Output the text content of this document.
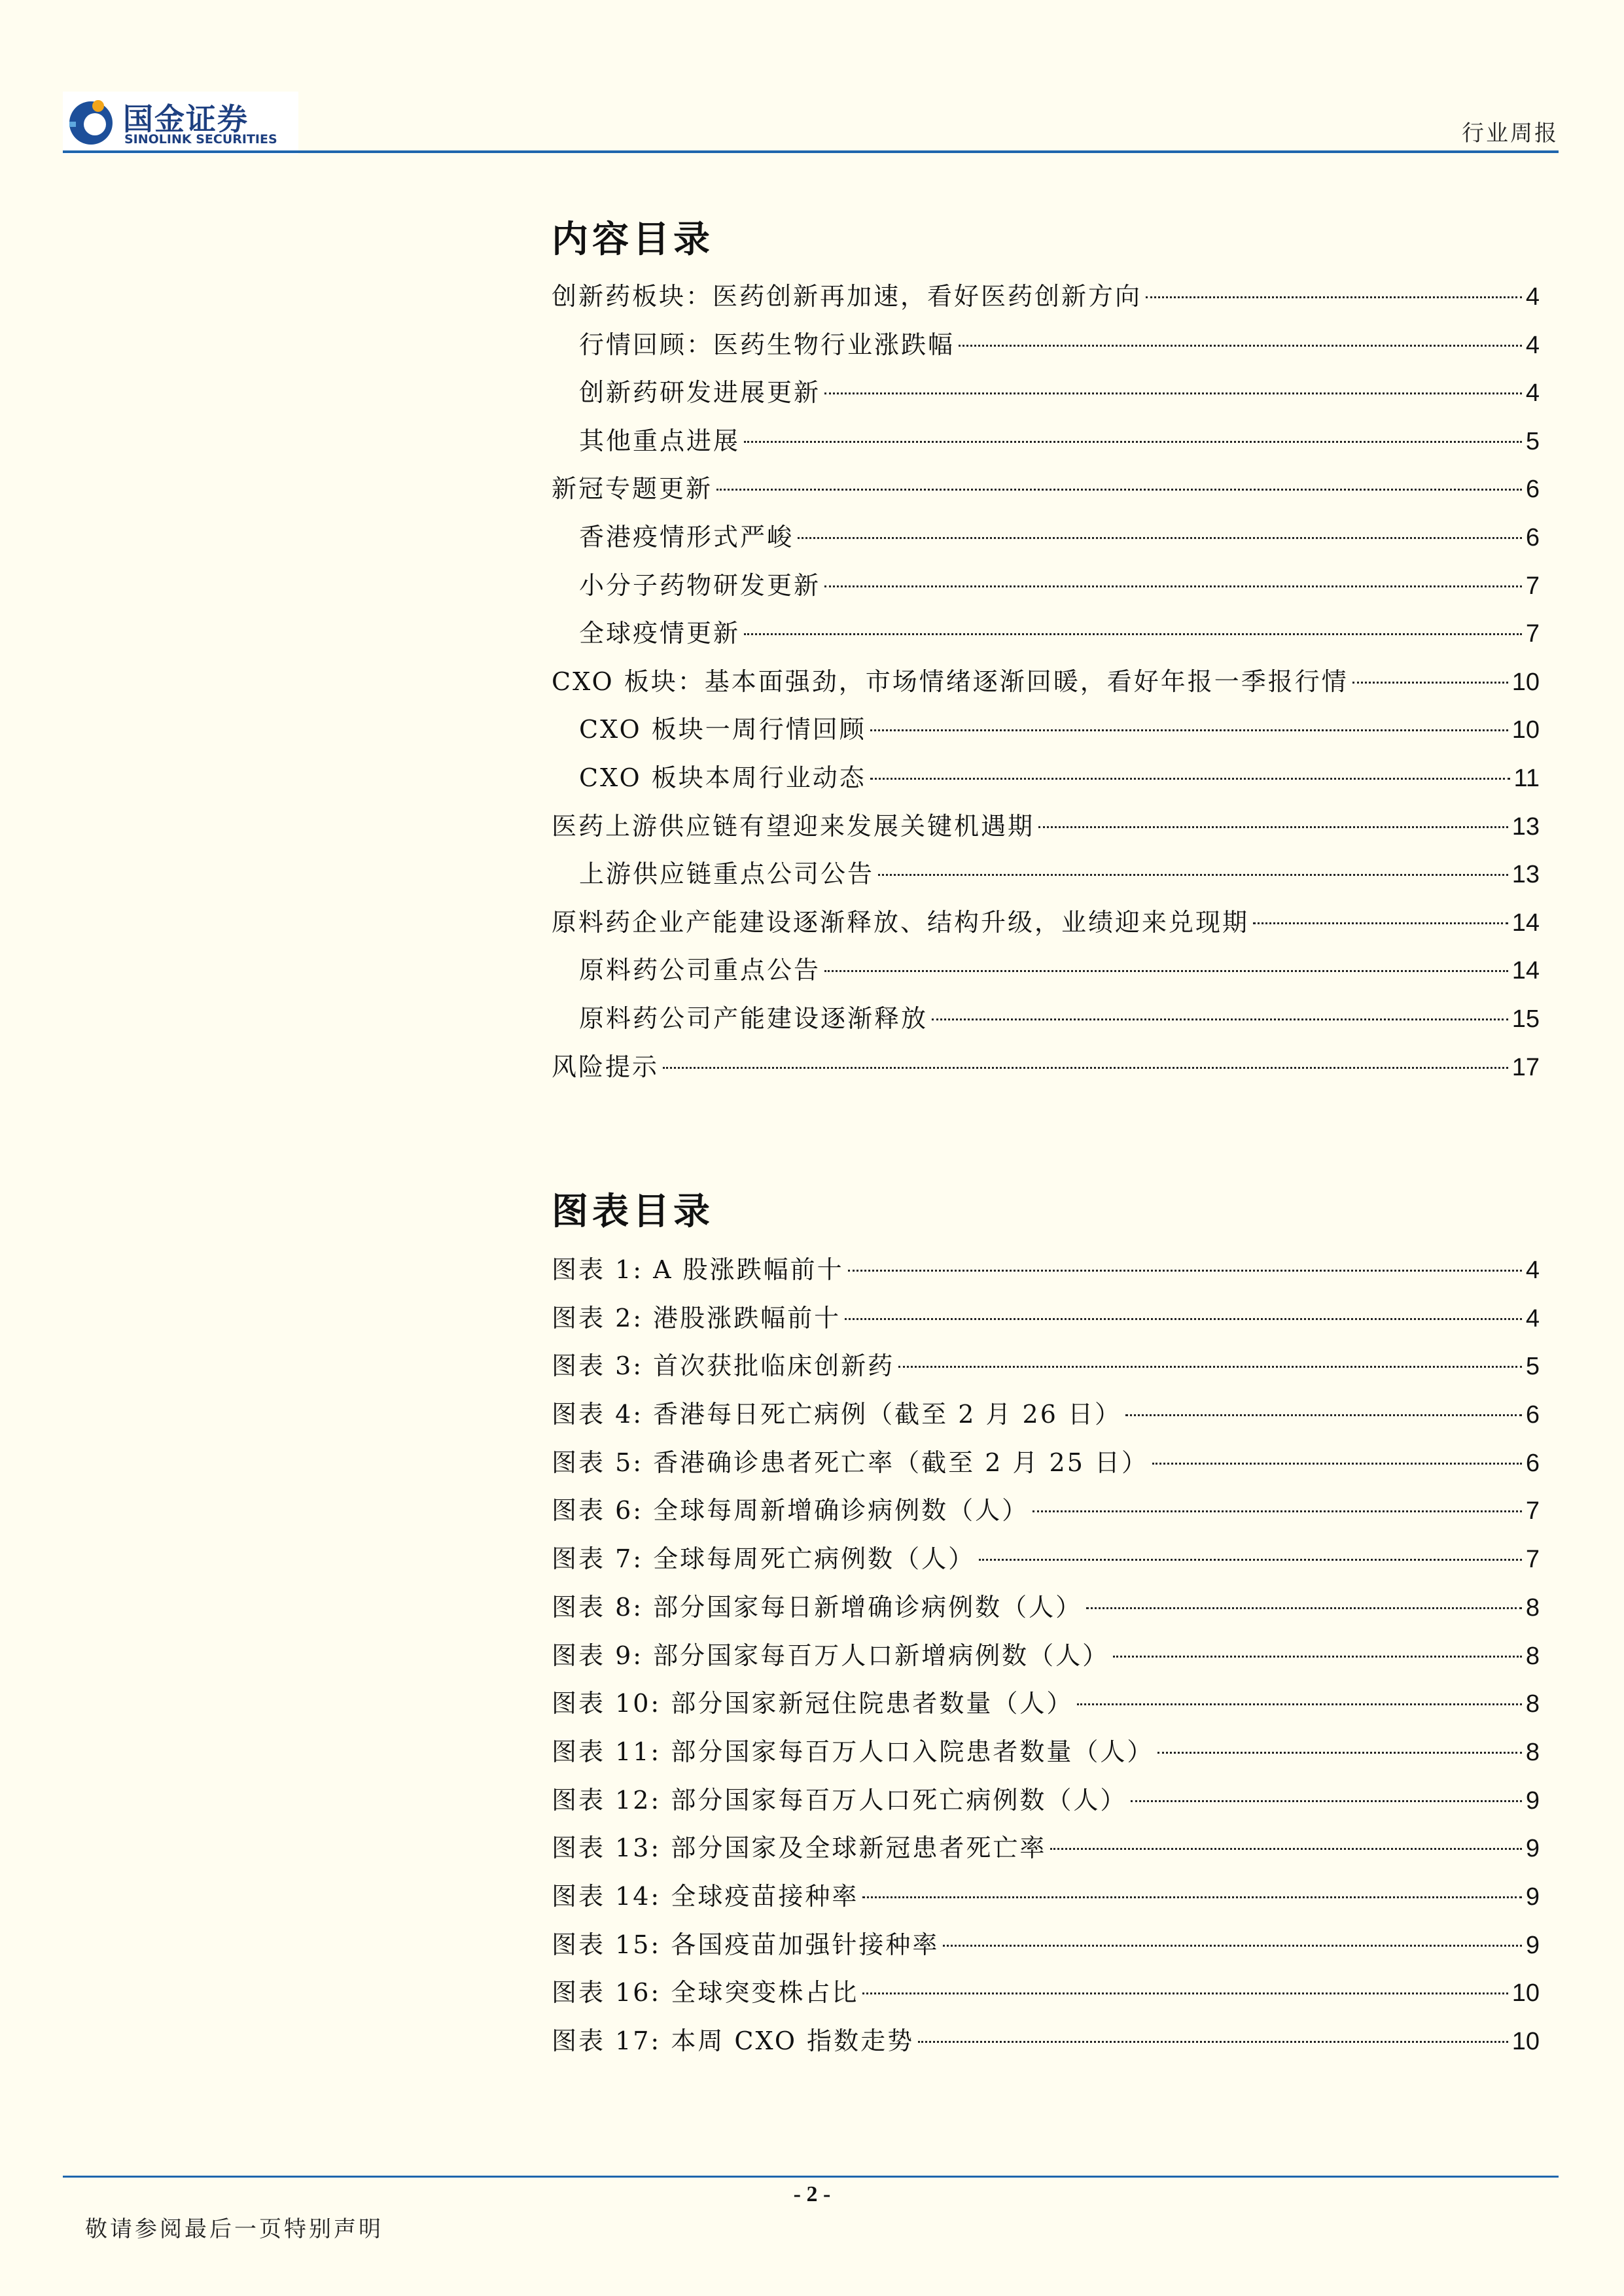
国金证券
SINOLINK SECURITIES	行业周报
内容目录
创新药板块：医药创新再加速，看好医药创新方向	4
行情回顾：医药生物行业涨跌幅	4
创新药研发进展更新	4
其他重点进展	5
新冠专题更新	6
香港疫情形式严峻	6
小分子药物研发更新	7
全球疫情更新	7
CXO 板块：基本面强劲，市场情绪逐渐回暖，看好年报一季报行情	10
CXO 板块一周行情回顾	10
CXO 板块本周行业动态	11
医药上游供应链有望迎来发展关键机遇期	13
上游供应链重点公司公告	13
原料药企业产能建设逐渐释放、结构升级，业绩迎来兑现期	14
原料药公司重点公告	14
原料药公司产能建设逐渐释放	15
风险提示	17
图表目录
图表 1: A 股涨跌幅前十	4
图表 2: 港股涨跌幅前十	4
图表 3: 首次获批临床创新药	5
图表 4: 香港每日死亡病例（截至 2 月 26 日）	6
图表 5: 香港确诊患者死亡率（截至 2 月 25 日）	6
图表 6: 全球每周新增确诊病例数（人）	7
图表 7: 全球每周死亡病例数（人）	7
图表 8: 部分国家每日新增确诊病例数（人）	8
图表 9: 部分国家每百万人口新增病例数（人）	8
图表 10: 部分国家新冠住院患者数量（人）	8
图表 11: 部分国家每百万人口入院患者数量（人）	8
图表 12: 部分国家每百万人口死亡病例数（人）	9
图表 13: 部分国家及全球新冠患者死亡率	9
图表 14: 全球疫苗接种率	9
图表 15: 各国疫苗加强针接种率	9
图表 16: 全球突变株占比	10
图表 17: 本周 CXO 指数走势	10
- 2 -
敬请参阅最后一页特别声明
